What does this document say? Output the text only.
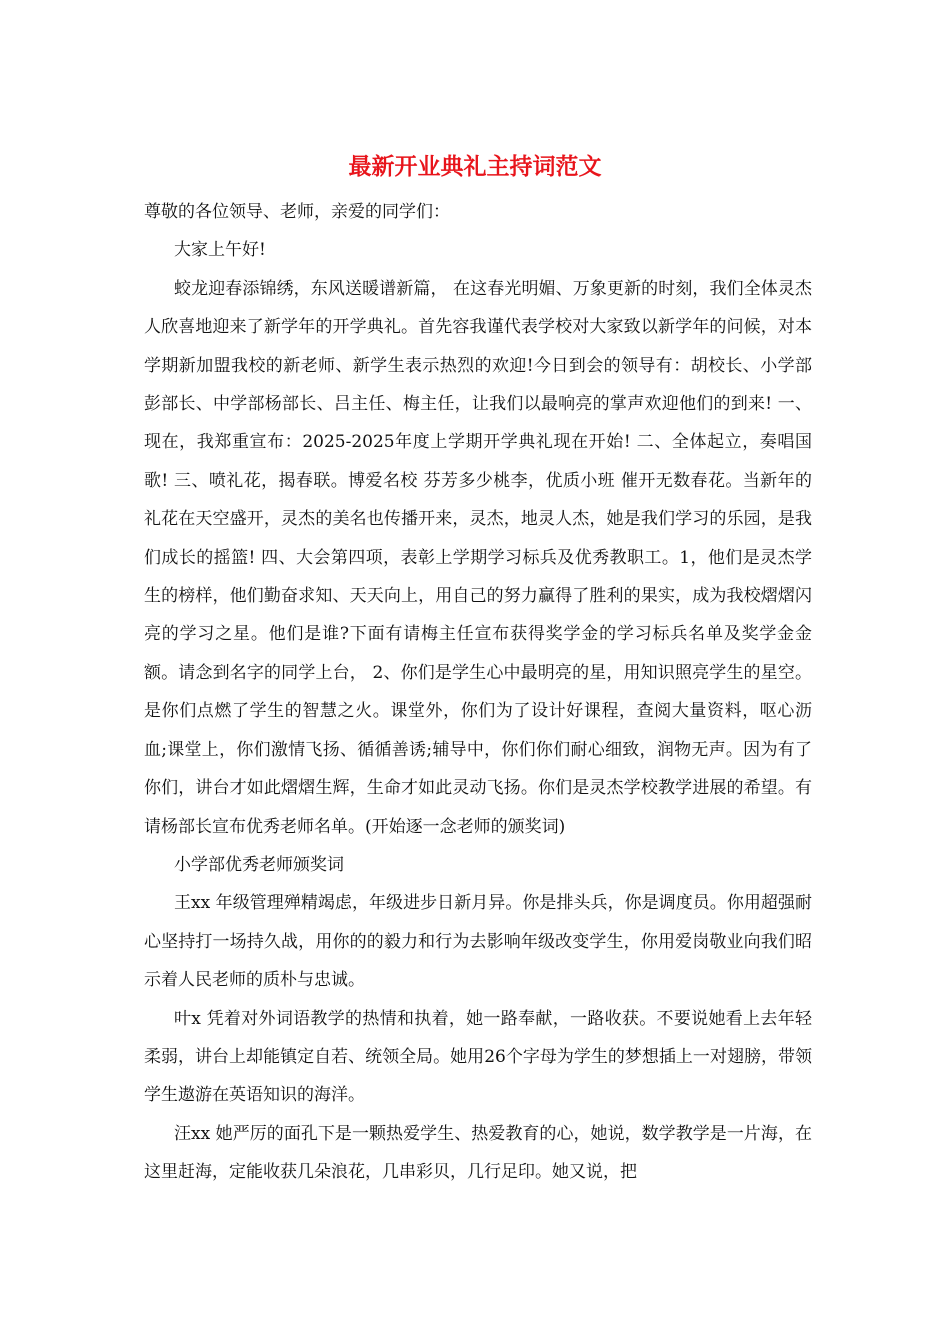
最新开业典礼主持词范文

尊敬的各位领导、老师，亲爱的同学们：

大家上午好!

蛟龙迎春添锦绣，东风送暖谱新篇， 在这春光明媚、万象更新的时刻，我们全体灵杰人欣喜地迎来了新学年的开学典礼。首先容我谨代表学校对大家致以新学年的问候，对本学期新加盟我校的新老师、新学生表示热烈的欢迎!今日到会的领导有：胡校长、小学部彭部长、中学部杨部长、吕主任、梅主任，让我们以最响亮的掌声欢迎他们的到来! 一、 现在，我郑重宣布：2025-2025年度上学期开学典礼现在开始! 二、全体起立，奏唱国歌! 三、喷礼花，揭春联。博爱名校 芬芳多少桃李，优质小班 催开无数春花。当新年的礼花在天空盛开，灵杰的美名也传播开来，灵杰，地灵人杰，她是我们学习的乐园，是我们成长的摇篮! 四、大会第四项，表彰上学期学习标兵及优秀教职工。1，他们是灵杰学生的榜样，他们勤奋求知、天天向上，用自己的努力赢得了胜利的果实，成为我校熠熠闪亮的学习之星。他们是谁?下面有请梅主任宣布获得奖学金的学习标兵名单及奖学金金额。请念到名字的同学上台， 2、你们是学生心中最明亮的星，用知识照亮学生的星空。是你们点燃了学生的智慧之火。课堂外，你们为了设计好课程，查阅大量资料，呕心沥血;课堂上，你们激情飞扬、循循善诱;辅导中，你们你们耐心细致，润物无声。因为有了你们，讲台才如此熠熠生辉，生命才如此灵动飞扬。你们是灵杰学校教学进展的希望。有请杨部长宣布优秀老师名单。(开始逐一念老师的颁奖词)

小学部优秀老师颁奖词

王xx 年级管理殚精竭虑，年级进步日新月异。你是排头兵，你是调度员。你用超强耐心坚持打一场持久战，用你的的毅力和行为去影响年级改变学生，你用爱岗敬业向我们昭示着人民老师的质朴与忠诚。

叶x 凭着对外词语教学的热情和执着，她一路奉献，一路收获。不要说她看上去年轻柔弱，讲台上却能镇定自若、统领全局。她用26个字母为学生的梦想插上一对翅膀，带领学生遨游在英语知识的海洋。

汪xx 她严厉的面孔下是一颗热爱学生、热爱教育的心，她说，数学教学是一片海，在这里赶海，定能收获几朵浪花，几串彩贝，几行足印。她又说，把
